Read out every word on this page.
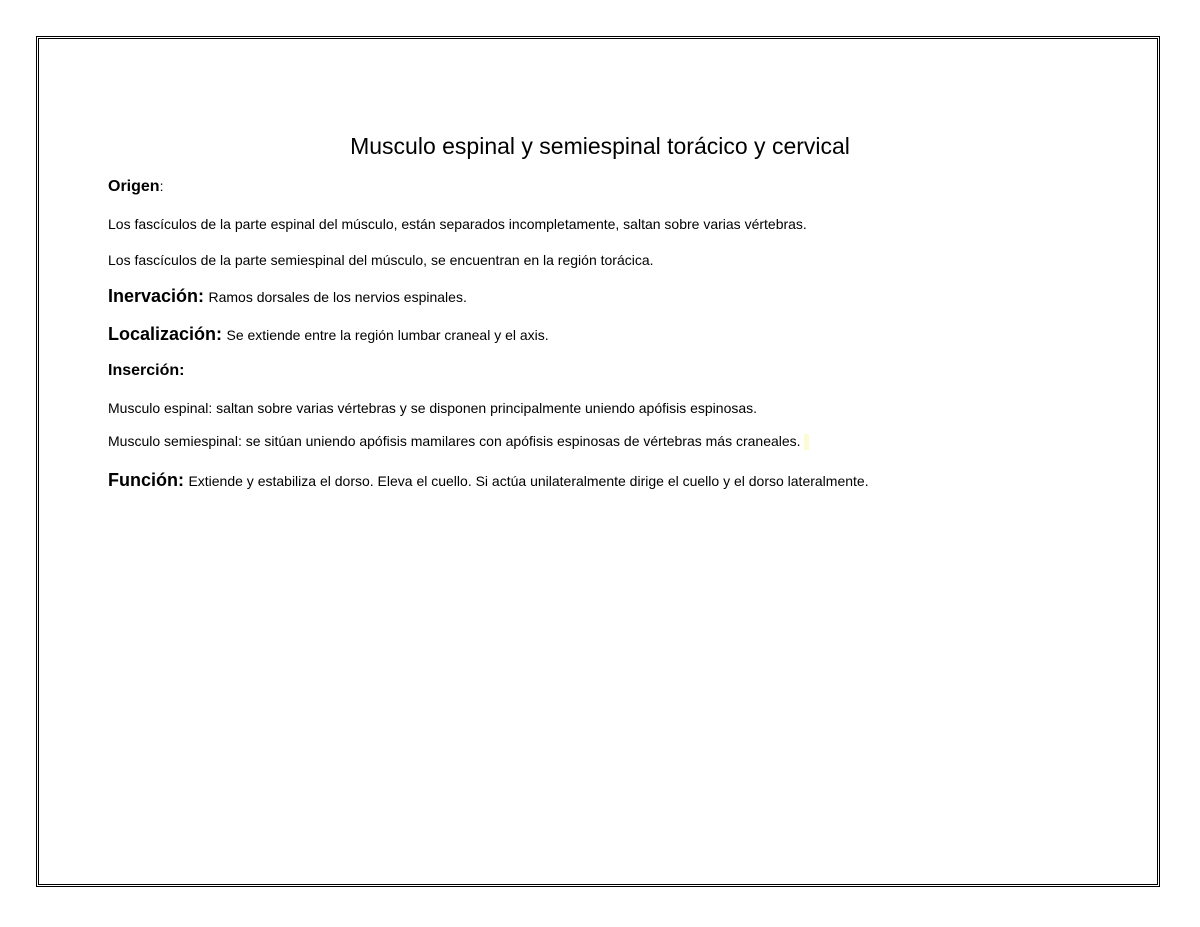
Musculo espinal y semiespinal torácico y cervical

Origen:

Los fascículos de la parte espinal del músculo, están separados incompletamente, saltan sobre varias vértebras.

Los fascículos de la parte semiespinal del músculo, se encuentran en la región torácica.

Inervación: Ramos dorsales de los nervios espinales.

Localización: Se extiende entre la región lumbar craneal y el axis.

Inserción:

Musculo espinal: saltan sobre varias vértebras y se disponen principalmente uniendo apófisis espinosas.

Musculo semiespinal: se sitúan uniendo apófisis mamilares con apófisis espinosas de vértebras más craneales.

Función: Extiende y estabiliza el dorso. Eleva el cuello. Si actúa unilateralmente dirige el cuello y el dorso lateralmente.
